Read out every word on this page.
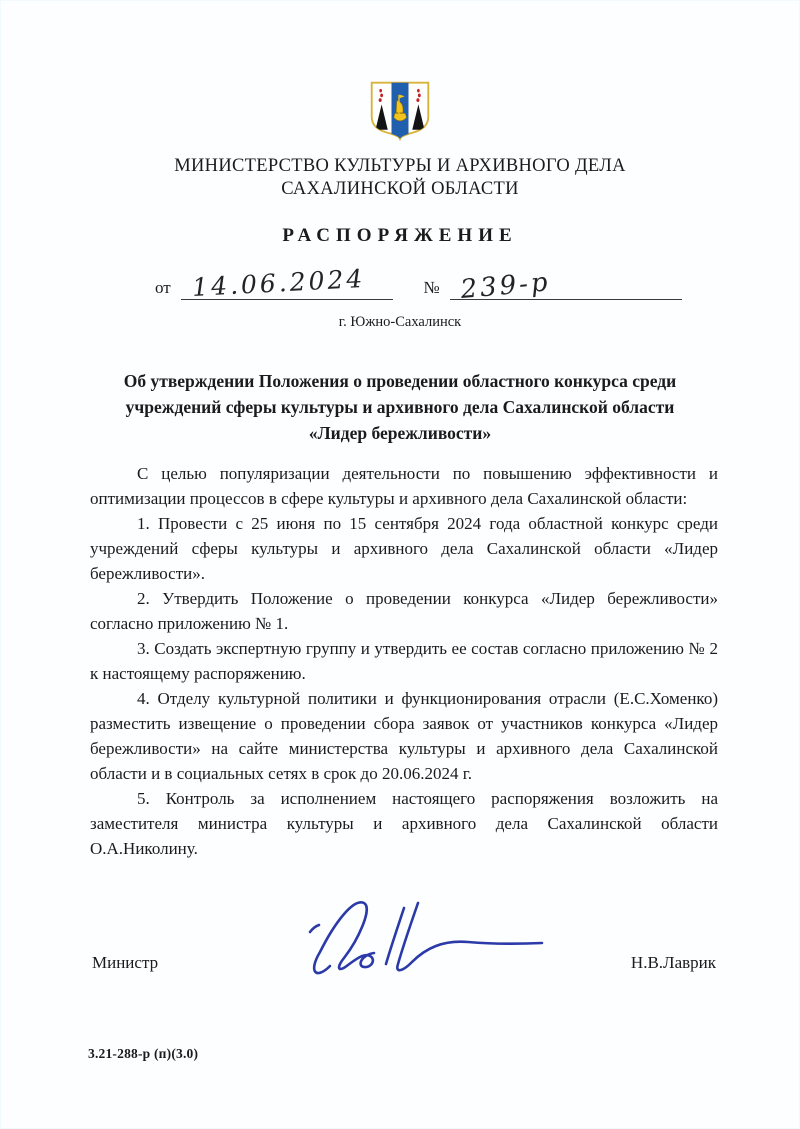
МИНИСТЕРСТВО КУЛЬТУРЫ И АРХИВНОГО ДЕЛА
САХАЛИНСКОЙ ОБЛАСТИ
РАСПОРЯЖЕНИЕ
от 14.06.2024	№ 239-р
г. Южно-Сахалинск
Об утверждении Положения о проведении областного конкурса среди
учреждений сферы культуры и архивного дела Сахалинской области
«Лидер бережливости»

С целью популяризации деятельности по повышению эффективности и оптимизации процессов в сфере культуры и архивного дела Сахалинской области:

1. Провести с 25 июня по 15 сентября 2024 года областной конкурс среди учреждений сферы культуры и архивного дела Сахалинской области «Лидер бережливости».

2. Утвердить Положение о проведении конкурса «Лидер бережливости» согласно приложению № 1.

3. Создать экспертную группу и утвердить ее состав согласно приложению № 2 к настоящему распоряжению.

4. Отделу культурной политики и функционирования отрасли (Е.С.Хоменко) разместить извещение о проведении сбора заявок от участников конкурса «Лидер бережливости» на сайте министерства культуры и архивного дела Сахалинской области и в социальных сетях в срок до 20.06.2024 г.

5. Контроль за исполнением настоящего распоряжения возложить на заместителя министра культуры и архивного дела Сахалинской области О.А.Николину.

Министр	Н.В.Лаврик
3.21-288-р (п)(3.0)
